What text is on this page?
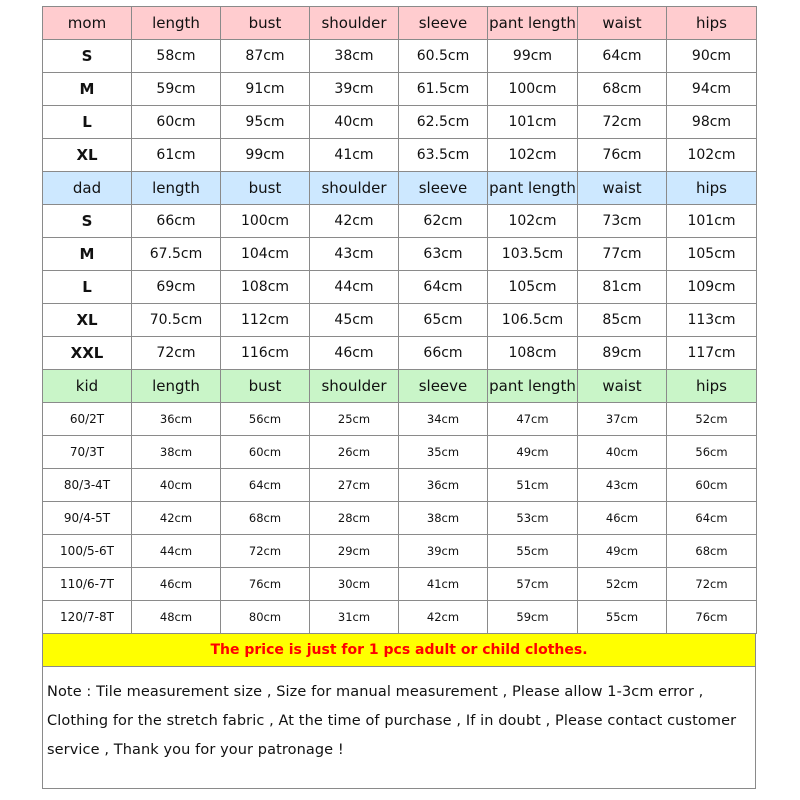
mom	length	bust	shoulder	sleeve	pant length	waist	hips
S	58cm	87cm	38cm	60.5cm	99cm	64cm	90cm
M	59cm	91cm	39cm	61.5cm	100cm	68cm	94cm
L	60cm	95cm	40cm	62.5cm	101cm	72cm	98cm
XL	61cm	99cm	41cm	63.5cm	102cm	76cm	102cm
dad	length	bust	shoulder	sleeve	pant length	waist	hips
S	66cm	100cm	42cm	62cm	102cm	73cm	101cm
M	67.5cm	104cm	43cm	63cm	103.5cm	77cm	105cm
L	69cm	108cm	44cm	64cm	105cm	81cm	109cm
XL	70.5cm	112cm	45cm	65cm	106.5cm	85cm	113cm
XXL	72cm	116cm	46cm	66cm	108cm	89cm	117cm
kid	length	bust	shoulder	sleeve	pant length	waist	hips
60/2T	36cm	56cm	25cm	34cm	47cm	37cm	52cm
70/3T	38cm	60cm	26cm	35cm	49cm	40cm	56cm
80/3-4T	40cm	64cm	27cm	36cm	51cm	43cm	60cm
90/4-5T	42cm	68cm	28cm	38cm	53cm	46cm	64cm
100/5-6T	44cm	72cm	29cm	39cm	55cm	49cm	68cm
110/6-7T	46cm	76cm	30cm	41cm	57cm	52cm	72cm
120/7-8T	48cm	80cm	31cm	42cm	59cm	55cm	76cm
The price is just for 1 pcs adult or child clothes.
Note : Tile measurement size , Size for manual measurement , Please allow 1-3cm error ,
Clothing for the stretch fabric , At the time of purchase , If in doubt , Please contact customer
service , Thank you for your patronage !
